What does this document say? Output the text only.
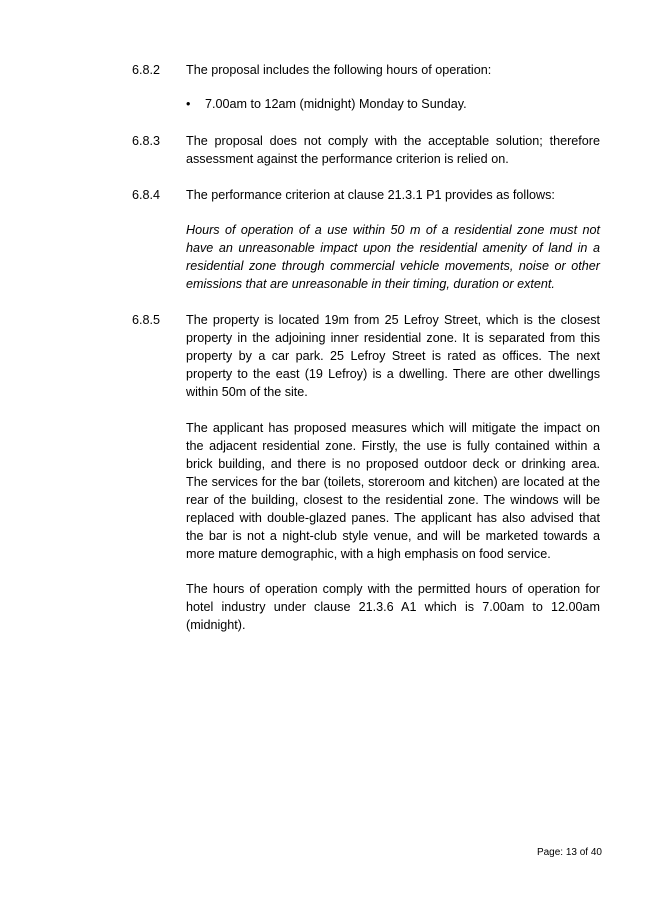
6.8.2 The proposal includes the following hours of operation:

• 7.00am to 12am (midnight) Monday to Sunday.

6.8.3 The proposal does not comply with the acceptable solution; therefore assessment against the performance criterion is relied on.

6.8.4 The performance criterion at clause 21.3.1 P1 provides as follows:

Hours of operation of a use within 50 m of a residential zone must not have an unreasonable impact upon the residential amenity of land in a residential zone through commercial vehicle movements, noise or other emissions that are unreasonable in their timing, duration or extent.

6.8.5 The property is located 19m from 25 Lefroy Street, which is the closest property in the adjoining inner residential zone. It is separated from this property by a car park. 25 Lefroy Street is rated as offices. The next property to the east (19 Lefroy) is a dwelling. There are other dwellings within 50m of the site.

The applicant has proposed measures which will mitigate the impact on the adjacent residential zone. Firstly, the use is fully contained within a brick building, and there is no proposed outdoor deck or drinking area. The services for the bar (toilets, storeroom and kitchen) are located at the rear of the building, closest to the residential zone. The windows will be replaced with double-glazed panes. The applicant has also advised that the bar is not a night-club style venue, and will be marketed towards a more mature demographic, with a high emphasis on food service.

The hours of operation comply with the permitted hours of operation for hotel industry under clause 21.3.6 A1 which is 7.00am to 12.00am (midnight).

Page: 13 of 40
